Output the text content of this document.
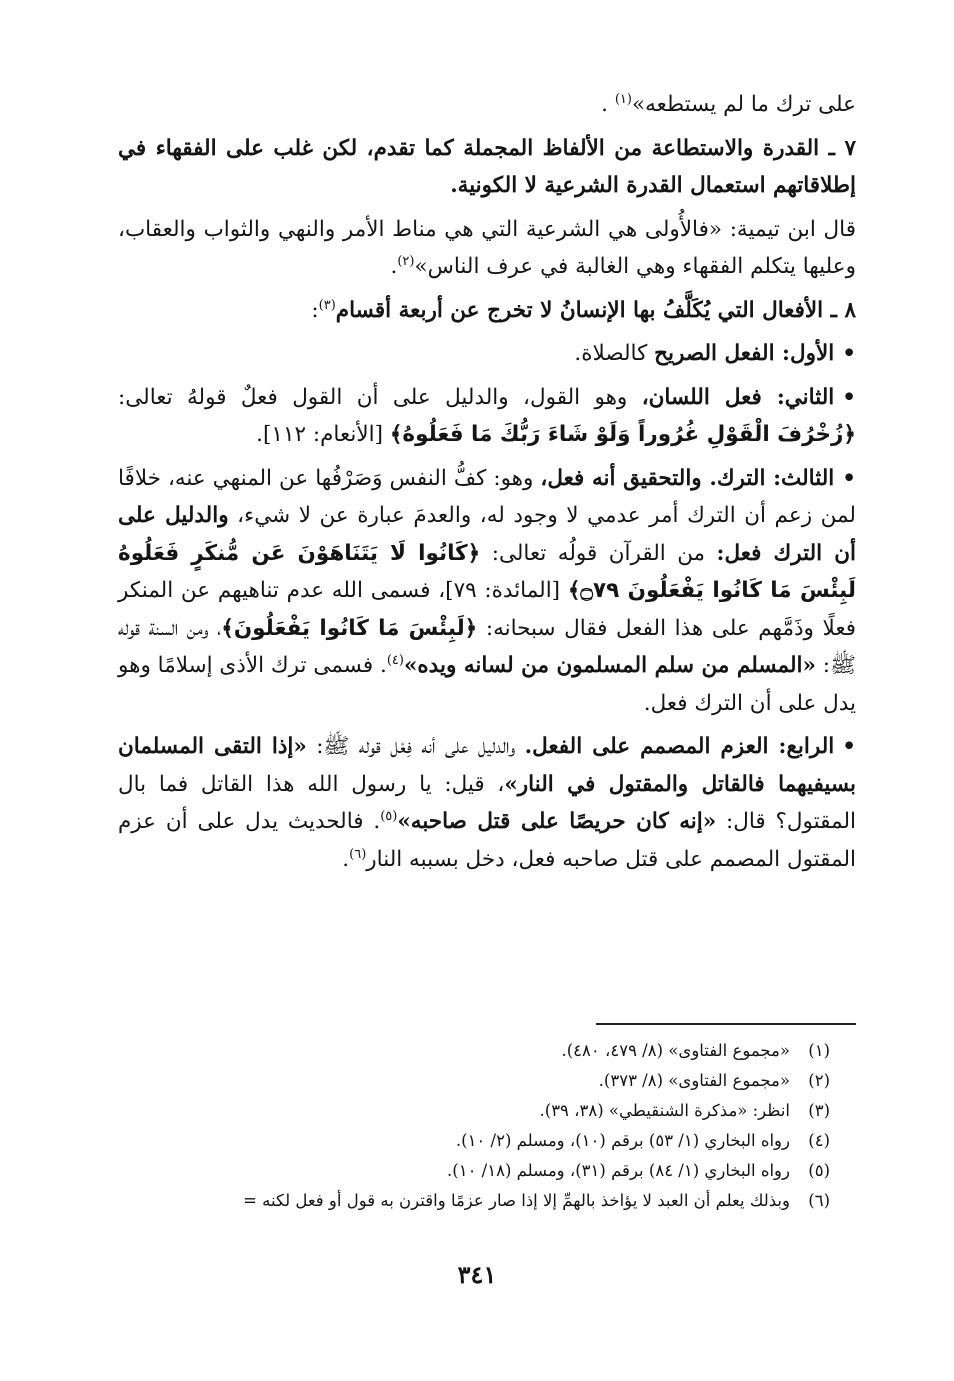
على ترك ما لم يستطعه»$^{(١)}$ .

٧ ـ القدرة والاستطاعة من الألفاظ المجملة كما تقدم، لكن غلب على الفقهاء في إطلاقاتهم استعمال القدرة الشرعية لا الكونية.

قال ابن تيمية: «فالأُولى هي الشرعية التي هي مناط الأمر والنهي والثواب والعقاب، وعليها يتكلم الفقهاء وهي الغالبة في عرف الناس»$^{(٢)}$.

٨ ـ الأفعال التي يُكَلَّفُ بها الإنسانُ لا تخرج عن أربعة أقسام$^{(٣)}$:

•الأول: الفعل الصريح كالصلاة.

•الثاني: فعل اللسان، وهو القول، والدليل على أن القول فعلٌ قولهُ تعالى: ﴿زُخْرُفَ الْقَوْلِ غُرُوراً وَلَوْ شَاءَ رَبُّكَ مَا فَعَلُوهُ﴾ [الأنعام: ١١٢].

•الثالث: الترك. والتحقيق أنه فعل، وهو: كفُّ النفس وَصَرْفُها عن المنهي عنه، خلافًا لمن زعم أن الترك أمر عدمي لا وجود له، والعدمَ عبارة عن لا شيء، والدليل على أن الترك فعل: من القرآن قولُه تعالى: ﴿كَانُوا لَا يَتَنَاهَوْنَ عَن مُّنكَرٍ فَعَلُوهُ لَبِئْسَ مَا كَانُوا يَفْعَلُونَ ۝٧٩﴾ [المائدة: ٧٩]، فسمى الله عدم تناهيهم عن المنكر فعلًا وذَمَّهم على هذا الفعل فقال سبحانه: ﴿لَبِئْسَ مَا كَانُوا يَفْعَلُونَ﴾، ومن السنة قوله ﷺ: «المسلم من سلم المسلمون من لسانه ويده»$^{(٤)}$. فسمى ترك الأذى إسلامًا وهو يدل على أن الترك فعل.

•الرابع: العزم المصمم على الفعل. والدليل على أنه فِعْل قوله ﷺ: «إذا التقى المسلمان بسيفيهما فالقاتل والمقتول في النار»، قيل: يا رسول الله هذا القاتل فما بال المقتول؟ قال: «إنه كان حريصًا على قتل صاحبه»$^{(٥)}$. فالحديث يدل على أن عزم المقتول المصمم على قتل صاحبه فعل، دخل بسببه النار$^{(٦)}$.

(١)«مجموع الفتاوى» (٨/ ٤٧٩، ٤٨٠).
(٢)«مجموع الفتاوى» (٨/ ٣٧٣).
(٣)انظر: «مذكرة الشنقيطي» (٣٨، ٣٩).
(٤)رواه البخاري (١/ ٥٣) برقم (١٠)، ومسلم (٢/ ١٠).
(٥)رواه البخاري (١/ ٨٤) برقم (٣١)، ومسلم (١٨/ ١٠).
(٦)وبذلك يعلم أن العبد لا يؤاخذ بالهمِّ إلا إذا صار عزمًا واقترن به قول أو فعل لكنه =
٣٤١
